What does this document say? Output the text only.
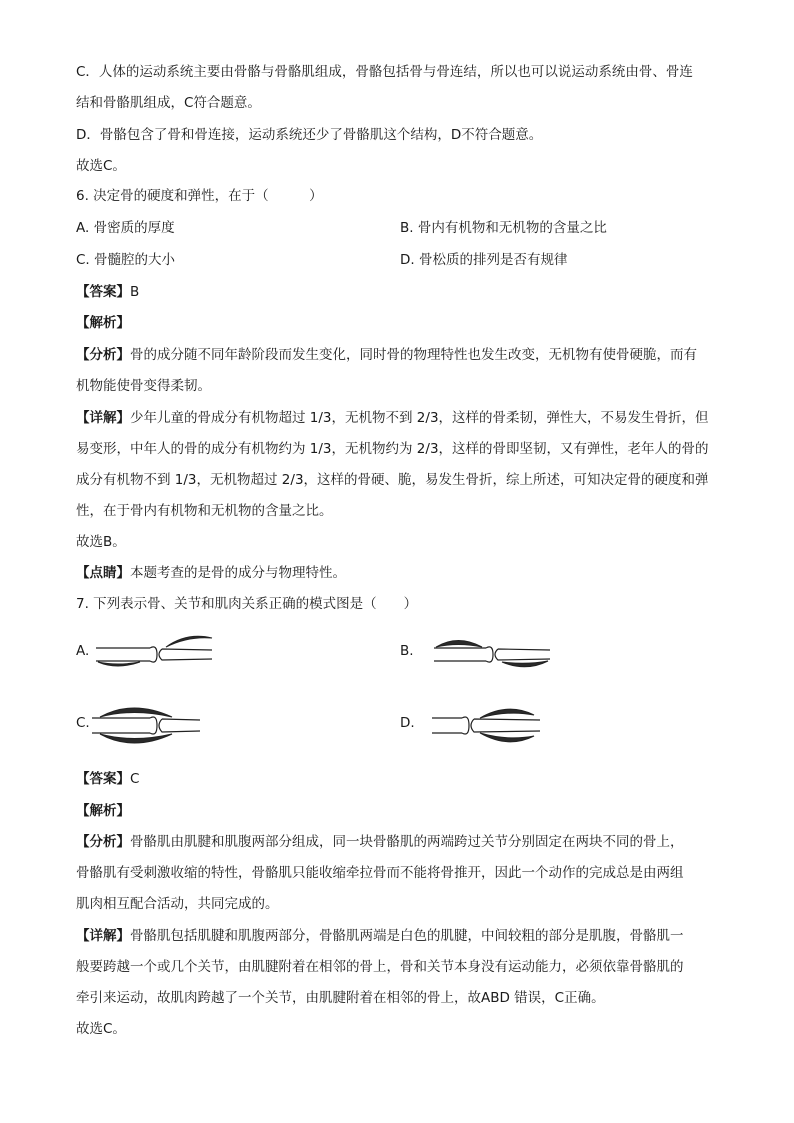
C．人体的运动系统主要由骨骼与骨骼肌组成，骨骼包括骨与骨连结，所以也可以说运动系统由骨、骨连
结和骨骼肌组成，C符合题意。
D．骨骼包含了骨和骨连接，运动系统还少了骨骼肌这个结构，D不符合题意。
故选C。
6. 决定骨的硬度和弹性，在于（　　　）
A. 骨密质的厚度	B. 骨内有机物和无机物的含量之比
C. 骨髓腔的大小	D. 骨松质的排列是否有规律
【答案】B
【解析】
【分析】骨的成分随不同年龄阶段而发生变化，同时骨的物理特性也发生改变，无机物有使骨硬脆，而有
机物能使骨变得柔韧。
【详解】少年儿童的骨成分有机物超过 1/3，无机物不到 2/3，这样的骨柔韧，弹性大，不易发生骨折，但
易变形，中年人的骨的成分有机物约为 1/3，无机物约为 2/3，这样的骨即坚韧，又有弹性，老年人的骨的
成分有机物不到 1/3，无机物超过 2/3，这样的骨硬、脆，易发生骨折，综上所述，可知决定骨的硬度和弹
性，在于骨内有机物和无机物的含量之比。
故选B。
【点睛】本题考查的是骨的成分与物理特性。
7. 下列表示骨、关节和肌肉关系正确的模式图是（　　）
A.	B.
C.	D.
【答案】C
【解析】
【分析】骨骼肌由肌腱和肌腹两部分组成，同一块骨骼肌的两端跨过关节分别固定在两块不同的骨上，
骨骼肌有受刺激收缩的特性，骨骼肌只能收缩牵拉骨而不能将骨推开，因此一个动作的完成总是由两组
肌肉相互配合活动，共同完成的。
【详解】骨骼肌包括肌腱和肌腹两部分，骨骼肌两端是白色的肌腱，中间较粗的部分是肌腹，骨骼肌一
般要跨越一个或几个关节，由肌腱附着在相邻的骨上，骨和关节本身没有运动能力，必须依靠骨骼肌的
牵引来运动，故肌肉跨越了一个关节，由肌腱附着在相邻的骨上，故ABD 错误，C正确。
故选C。
